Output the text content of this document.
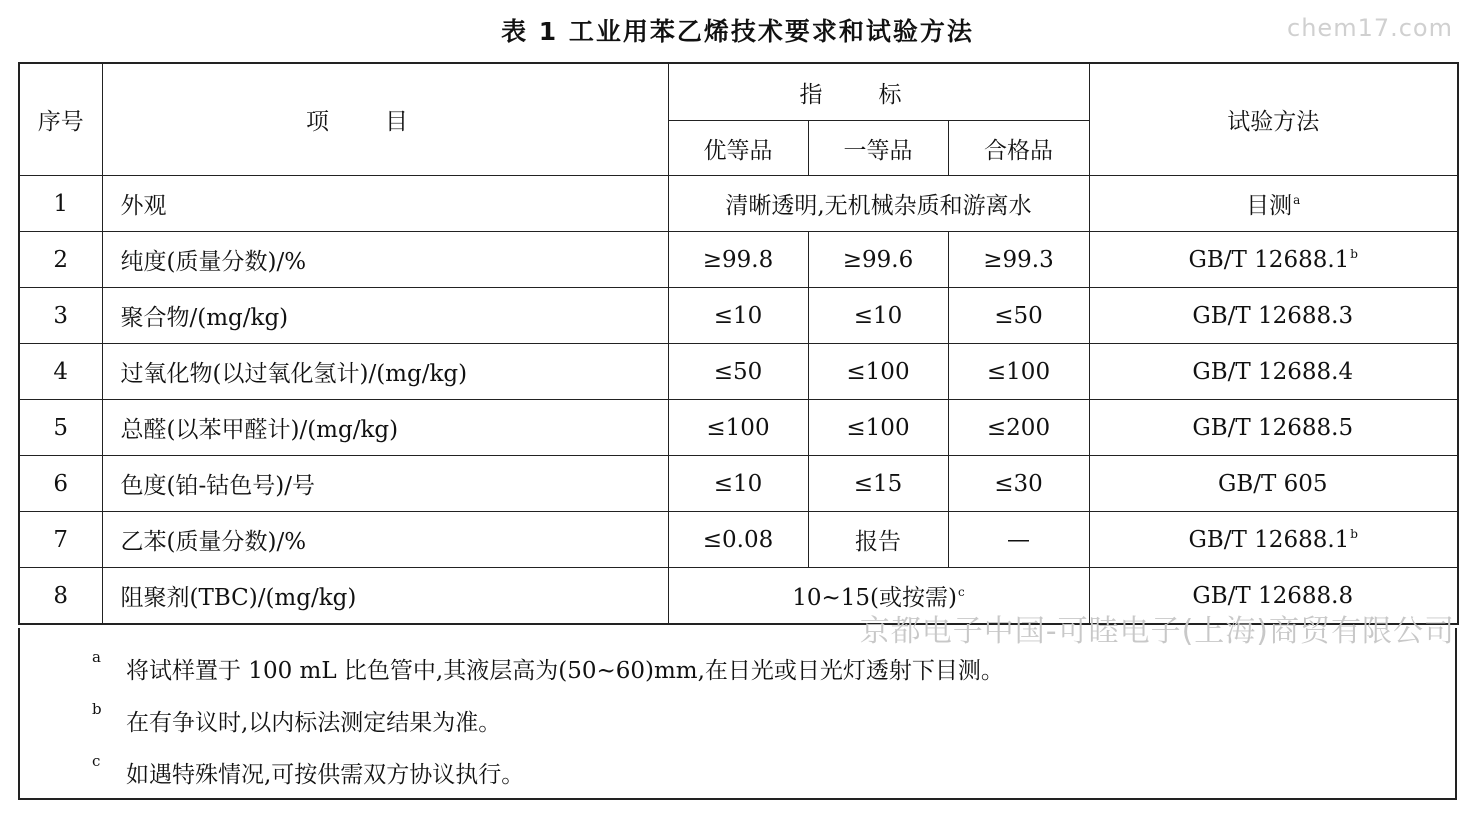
表 1 工业用苯乙烯技术要求和试验方法	chem17.com
序号	项目	指标			试验方法
		优等品	一等品	合格品	
1	外观	清晰透明,无机械杂质和游离水			目测$^a$
2	纯度(质量分数)/%	≥99.8	≥99.6	≥99.3	GB/T 12688.1$^b$
3	聚合物/(mg/kg)	≤10	≤10	≤50	GB/T 12688.3
4	过氧化物(以过氧化氢计)/(mg/kg)	≤50	≤100	≤100	GB/T 12688.4
5	总醛(以苯甲醛计)/(mg/kg)	≤100	≤100	≤200	GB/T 12688.5
6	色度(铂-钴色号)/号	≤10	≤15	≤30	GB/T 605
7	乙苯(质量分数)/%	≤0.08	报告	—	GB/T 12688.1$^b$
8	阻聚剂(TBC)/(mg/kg)	10~15(或按需)$^c$			GB/T 12688.8
a
将试样置于 100 mL 比色管中,其液层高为(50~60)mm,在日光或日光灯透射下目测。
b
在有争议时,以内标法测定结果为准。
c
如遇特殊情况,可按供需双方协议执行。
京都电子中国-可睦电子(上海)商贸有限公司
